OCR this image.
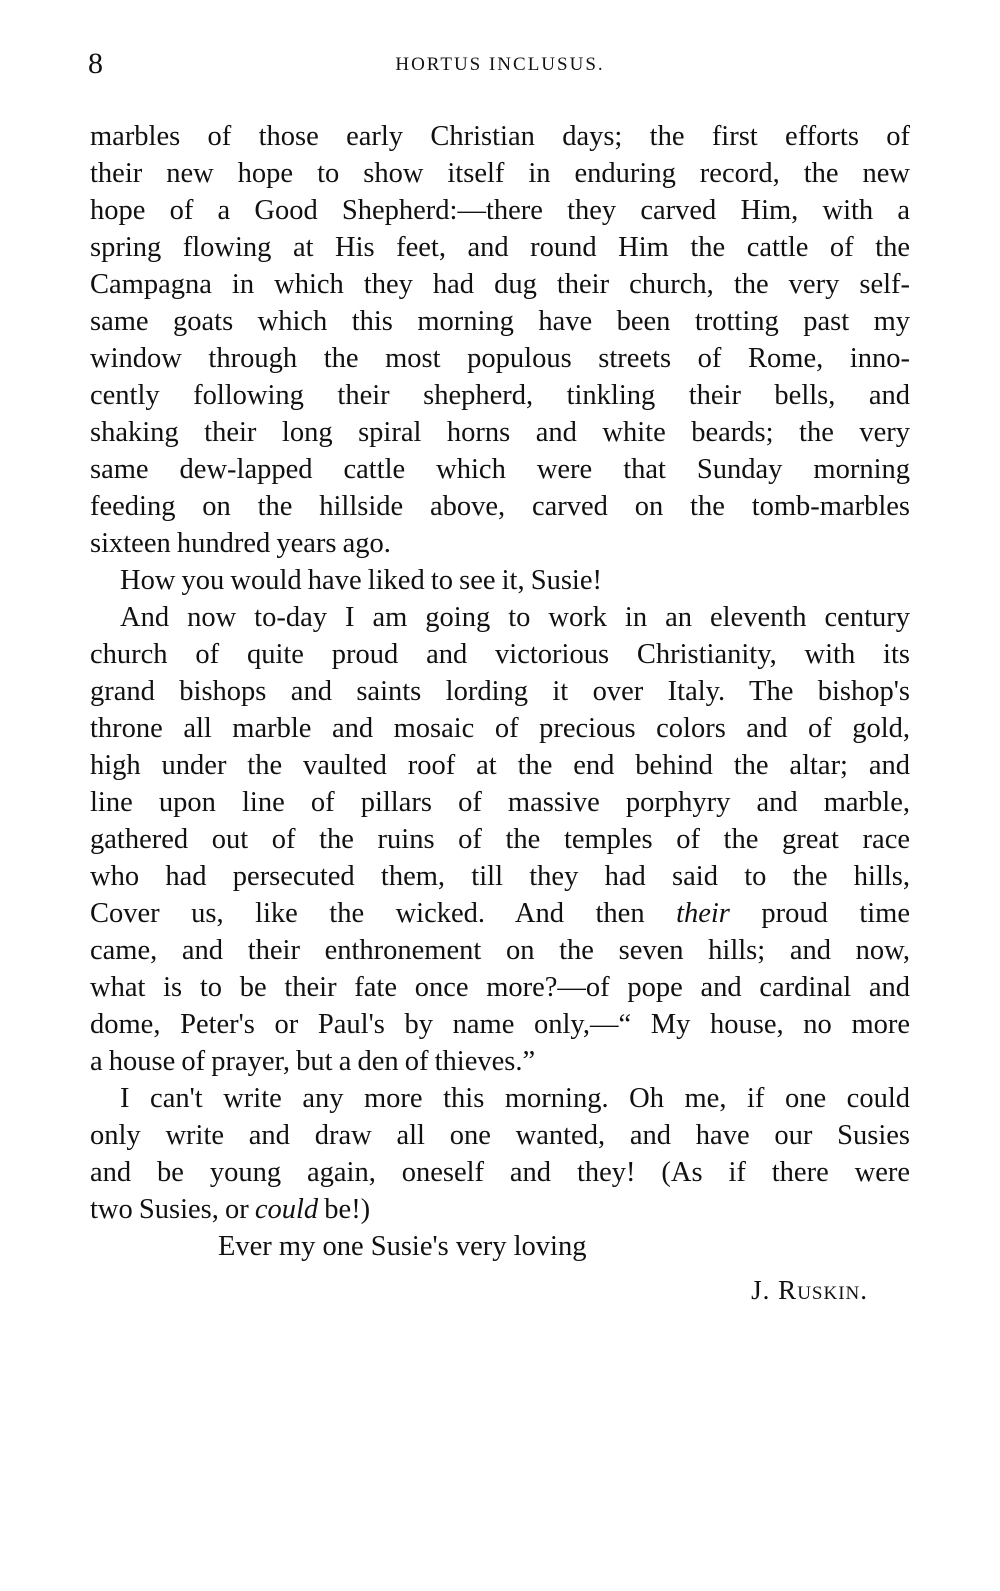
8	HORTUS INCLUSUS.
marbles of those early Christian days; the first efforts of
their new hope to show itself in enduring record, the new
hope of a Good Shepherd:—there they carved Him, with a
spring flowing at His feet, and round Him the cattle of the
Campagna in which they had dug their church, the very self-
same goats which this morning have been trotting past my
window through the most populous streets of Rome, inno-
cently following their shepherd, tinkling their bells, and
shaking their long spiral horns and white beards; the very
same dew-lapped cattle which were that Sunday morning
feeding on the hillside above, carved on the tomb-marbles
sixteen hundred years ago.
How you would have liked to see it, Susie!
And now to-day I am going to work in an eleventh century
church of quite proud and victorious Christianity, with its
grand bishops and saints lording it over Italy. The bishop's
throne all marble and mosaic of precious colors and of gold,
high under the vaulted roof at the end behind the altar; and
line upon line of pillars of massive porphyry and marble,
gathered out of the ruins of the temples of the great race
who had persecuted them, till they had said to the hills,
Cover us, like the wicked. And then their proud time
came, and their enthronement on the seven hills; and now,
what is to be their fate once more?—of pope and cardinal and
dome, Peter's or Paul's by name only,—“ My house, no more
a house of prayer, but a den of thieves.”
I can't write any more this morning. Oh me, if one could
only write and draw all one wanted, and have our Susies
and be young again, oneself and they! (As if there were
two Susies, or could be!)
Ever my one Susie's very loving
J. Ruskin.
